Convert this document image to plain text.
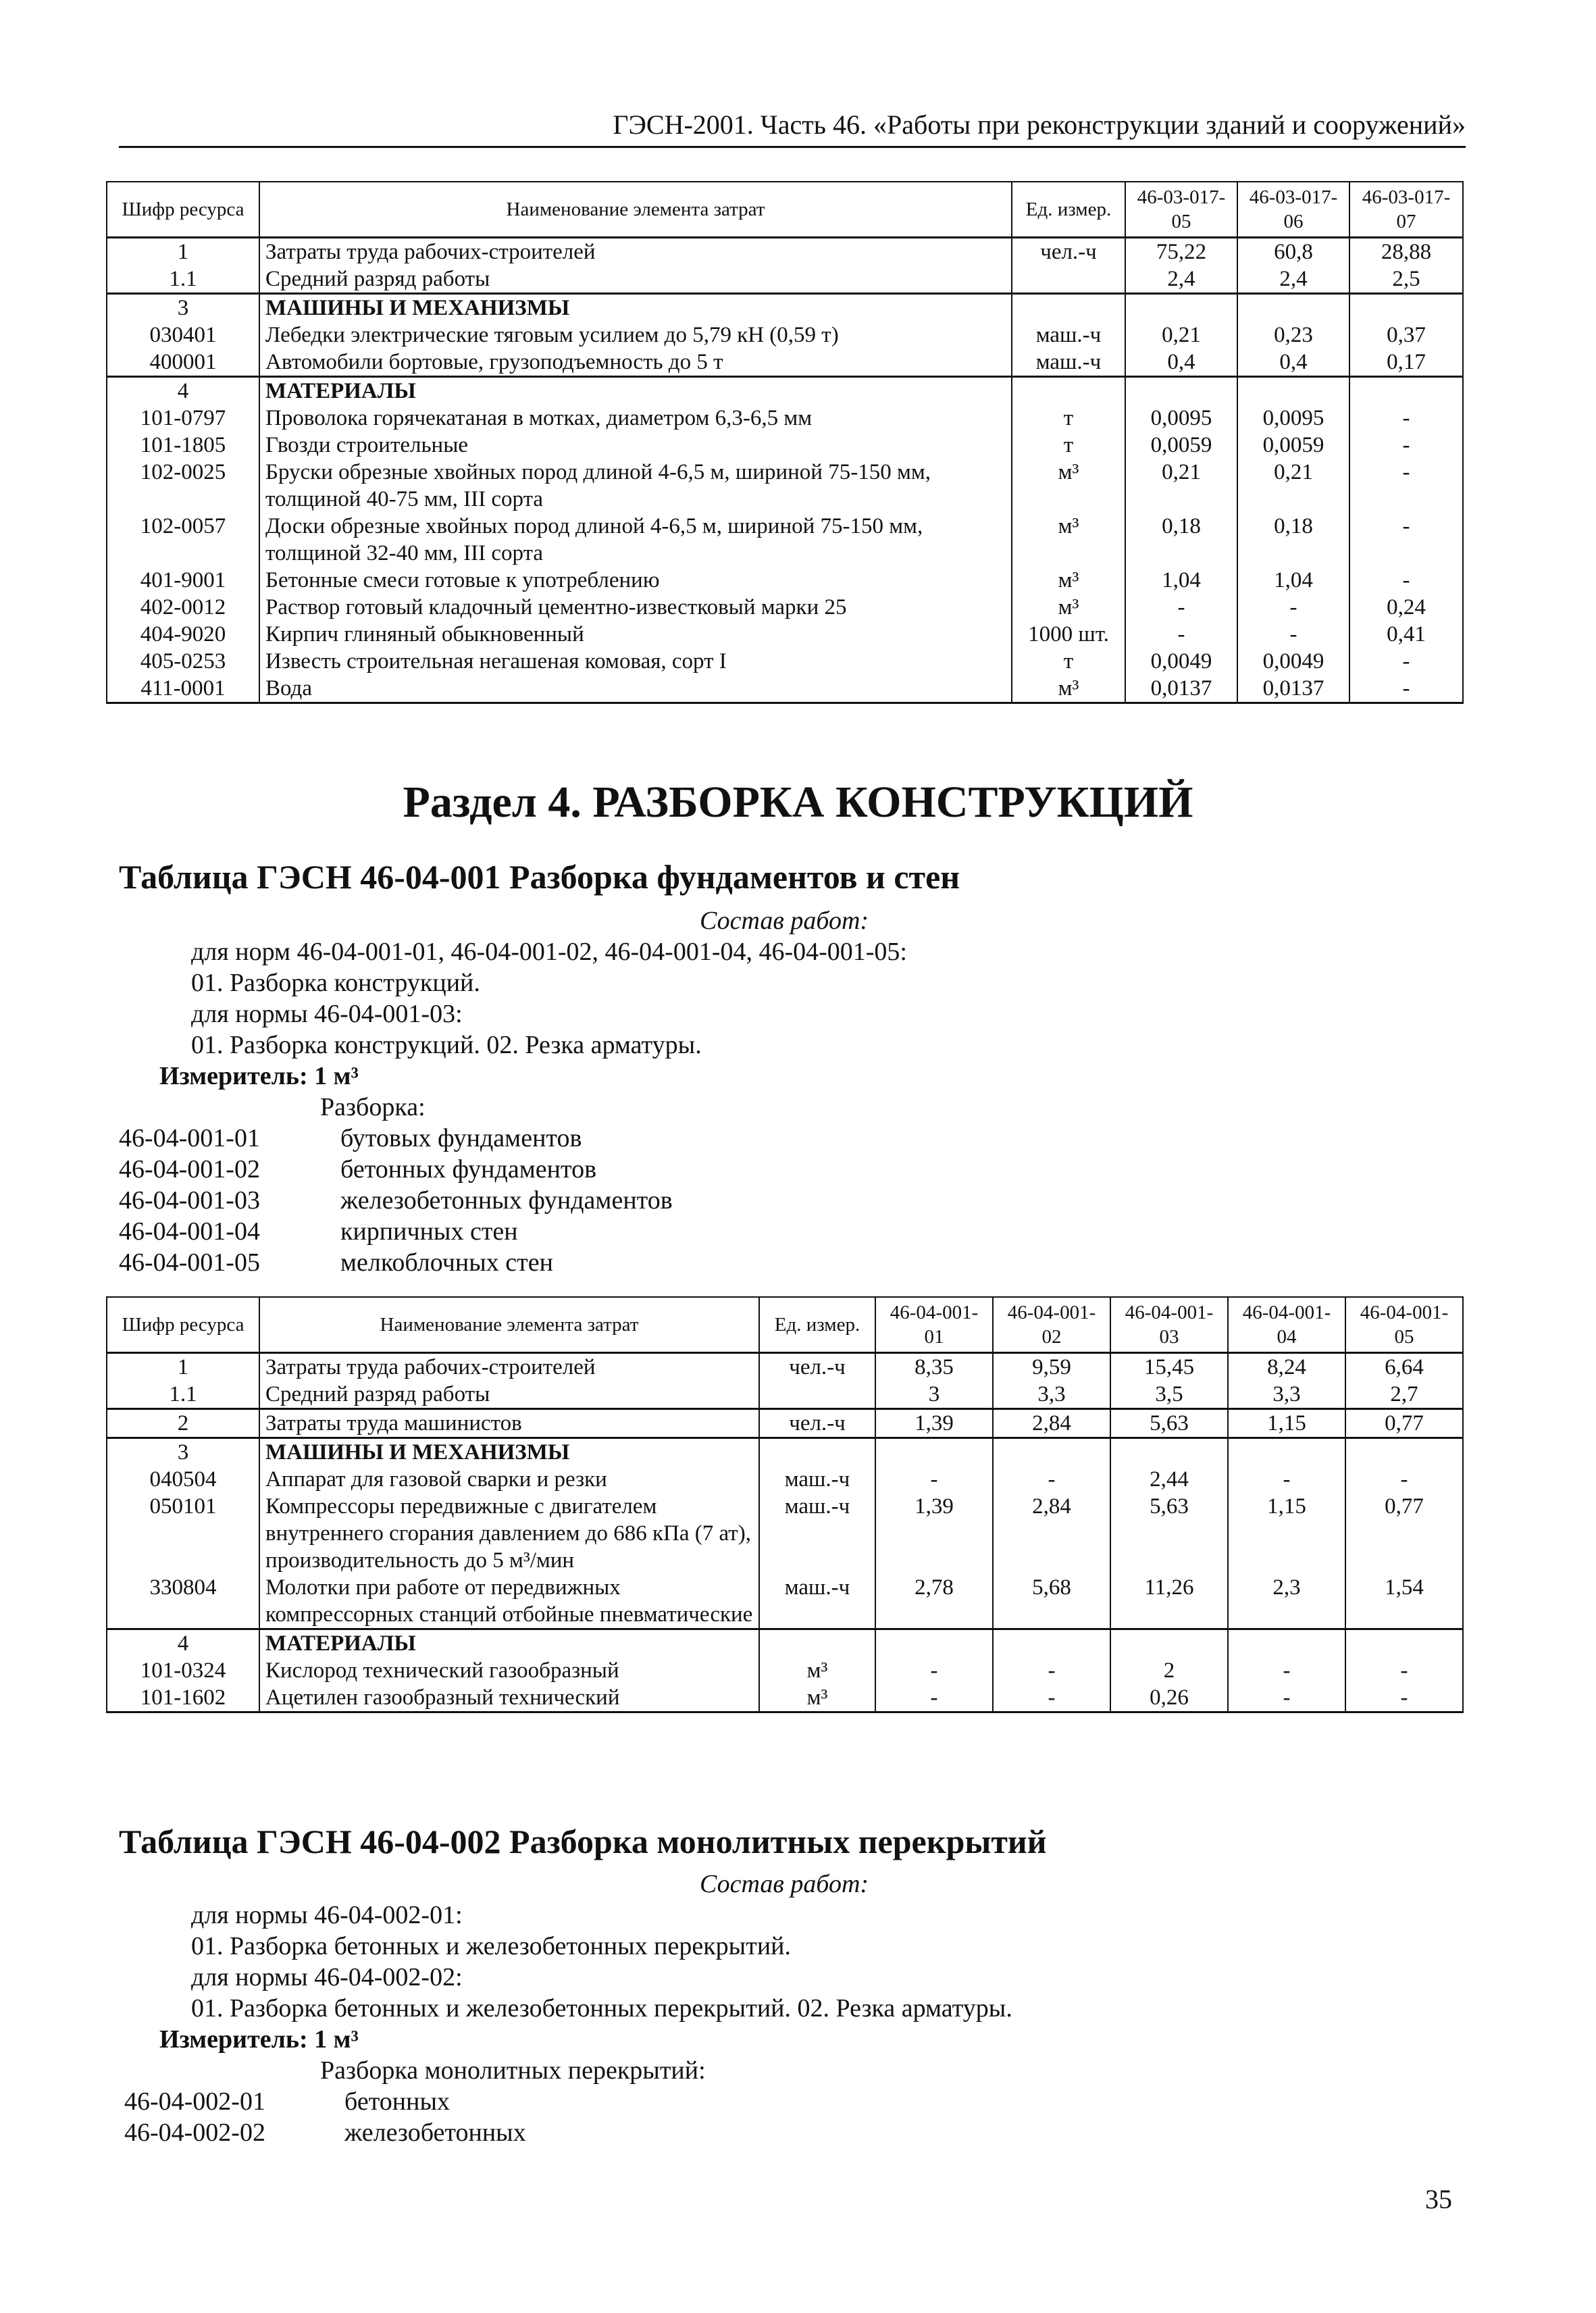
ГЭСН-2001. Часть 46. «Работы при реконструкции зданий и сооружений»
Шифр ресурса	Наименование элемента затрат	Ед. измер.	46-03-017-05	46-03-017-06	46-03-017-07
1	Затраты труда рабочих-строителей	чел.-ч	75,22	60,8	28,88
1.1	Средний разряд работы		2,4	2,4	2,5
3	МАШИНЫ И МЕХАНИЗМЫ				
030401	Лебедки электрические тяговым усилием до 5,79 кН (0,59 т)	маш.-ч	0,21	0,23	0,37
400001	Автомобили бортовые, грузоподъемность до 5 т	маш.-ч	0,4	0,4	0,17
4	МАТЕРИАЛЫ				
101-0797	Проволока горячекатаная в мотках, диаметром 6,3-6,5 мм	т	0,0095	0,0095	-
101-1805	Гвозди строительные	т	0,0059	0,0059	-
102-0025	Бруски обрезные хвойных пород длиной 4-6,5 м, шириной 75-150 мм, толщиной 40-75 мм, III сорта	м³	0,21	0,21	-
102-0057	Доски обрезные хвойных пород длиной 4-6,5 м, шириной 75-150 мм, толщиной 32-40 мм, III сорта	м³	0,18	0,18	-
401-9001	Бетонные смеси готовые к употреблению	м³	1,04	1,04	-
402-0012	Раствор готовый кладочный цементно-известковый марки 25	м³	-	-	0,24
404-9020	Кирпич глиняный обыкновенный	1000 шт.	-	-	0,41
405-0253	Известь строительная негашеная комовая, сорт I	т	0,0049	0,0049	-
411-0001	Вода	м³	0,0137	0,0137	-
Раздел 4. РАЗБОРКА КОНСТРУКЦИЙ
Таблица ГЭСН 46-04-001 Разборка фундаментов и стен
Состав работ:
для норм 46-04-001-01, 46-04-001-02, 46-04-001-04, 46-04-001-05:
01. Разборка конструкций.
для нормы 46-04-001-03:
01. Разборка конструкций. 02. Резка арматуры.
Измеритель: 1 м³
Разборка:
46-04-001-01	бутовых фундаментов
46-04-001-02	бетонных фундаментов
46-04-001-03	железобетонных фундаментов
46-04-001-04	кирпичных стен
46-04-001-05	мелкоблочных стен
Шифр ресурса	Наименование элемента затрат	Ед. измер.	46-04-001-01	46-04-001-02	46-04-001-03	46-04-001-04	46-04-001-05
1	Затраты труда рабочих-строителей	чел.-ч	8,35	9,59	15,45	8,24	6,64
1.1	Средний разряд работы		3	3,3	3,5	3,3	2,7
2	Затраты труда машинистов	чел.-ч	1,39	2,84	5,63	1,15	0,77
3	МАШИНЫ И МЕХАНИЗМЫ						
040504	Аппарат для газовой сварки и резки	маш.-ч	-	-	2,44	-	-
050101	Компрессоры передвижные с двигателем внутреннего сгорания давлением до 686 кПа (7 ат), производительность до 5 м³/мин	маш.-ч	1,39	2,84	5,63	1,15	0,77
330804	Молотки при работе от передвижных компрессорных станций отбойные пневматические	маш.-ч	2,78	5,68	11,26	2,3	1,54
4	МАТЕРИАЛЫ						
101-0324	Кислород технический газообразный	м³	-	-	2	-	-
101-1602	Ацетилен газообразный технический	м³	-	-	0,26	-	-
Таблица ГЭСН 46-04-002 Разборка монолитных перекрытий
Состав работ:
для нормы 46-04-002-01:
01. Разборка бетонных и железобетонных перекрытий.
для нормы 46-04-002-02:
01. Разборка бетонных и железобетонных перекрытий. 02. Резка арматуры.
Измеритель: 1 м³
Разборка монолитных перекрытий:
46-04-002-01	бетонных
46-04-002-02	железобетонных
35
